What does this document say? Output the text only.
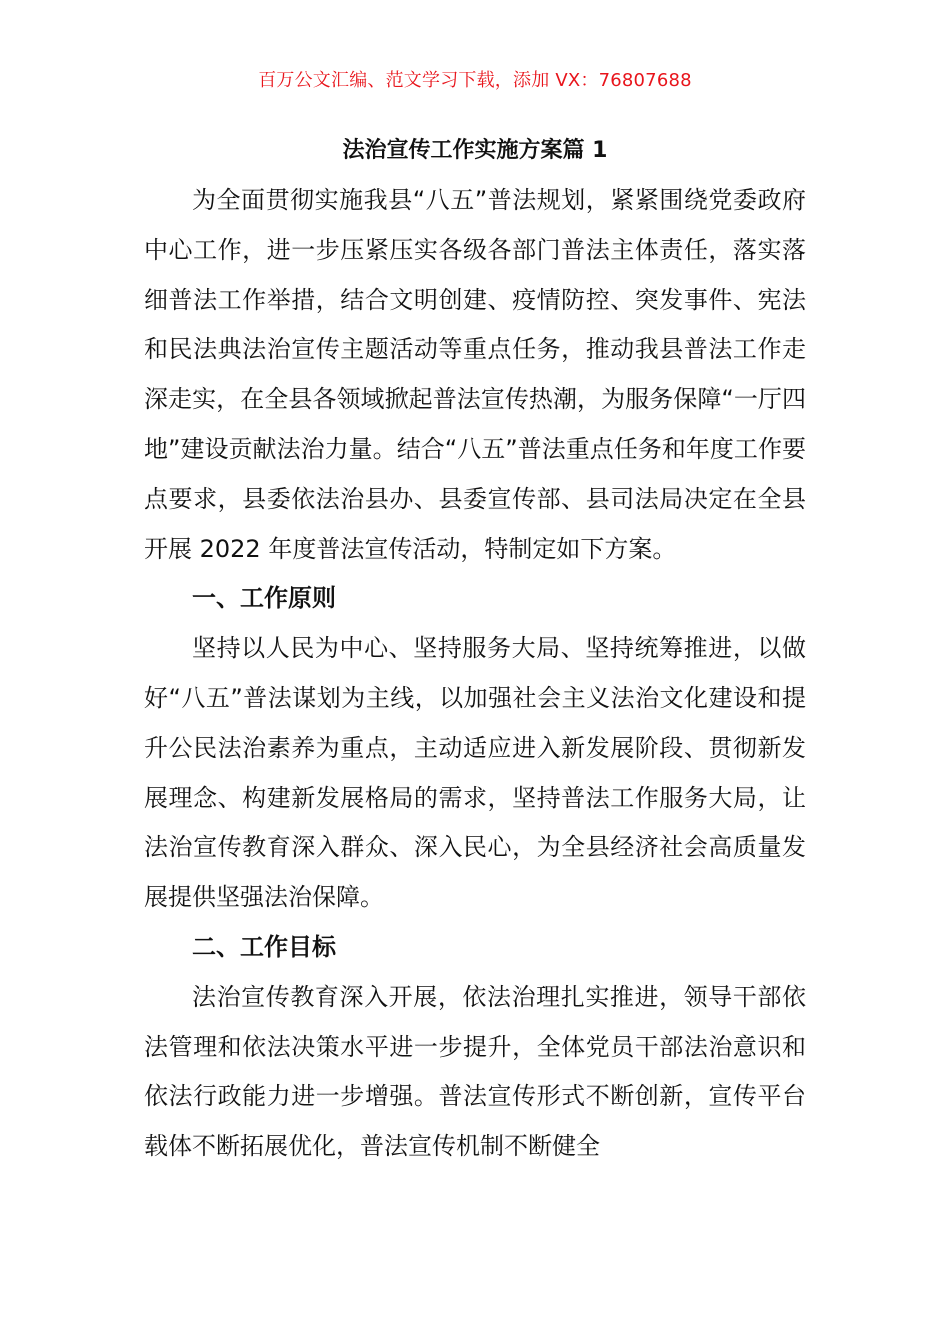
百万公文汇编、范文学习下载，添加 VX：76807688
法治宣传工作实施方案篇 1

为全面贯彻实施我县“八五”普法规划，紧紧围绕党委政府中心工作，进一步压紧压实各级各部门普法主体责任，落实落细普法工作举措，结合文明创建、疫情防控、突发事件、宪法和民法典法治宣传主题活动等重点任务，推动我县普法工作走深走实，在全县各领域掀起普法宣传热潮，为服务保障“一厅四地”建设贡献法治力量。结合“八五”普法重点任务和年度工作要点要求，县委依法治县办、县委宣传部、县司法局决定在全县开展 2022 年度普法宣传活动，特制定如下方案。

一、工作原则

坚持以人民为中心、坚持服务大局、坚持统筹推进，以做好“八五”普法谋划为主线，以加强社会主义法治文化建设和提升公民法治素养为重点，主动适应进入新发展阶段、贯彻新发展理念、构建新发展格局的需求，坚持普法工作服务大局，让法治宣传教育深入群众、深入民心，为全县经济社会高质量发展提供坚强法治保障。

二、工作目标

法治宣传教育深入开展，依法治理扎实推进，领导干部依法管理和依法决策水平进一步提升，全体党员干部法治意识和依法行政能力进一步增强。普法宣传形式不断创新，宣传平台载体不断拓展优化，普法宣传机制不断健全
